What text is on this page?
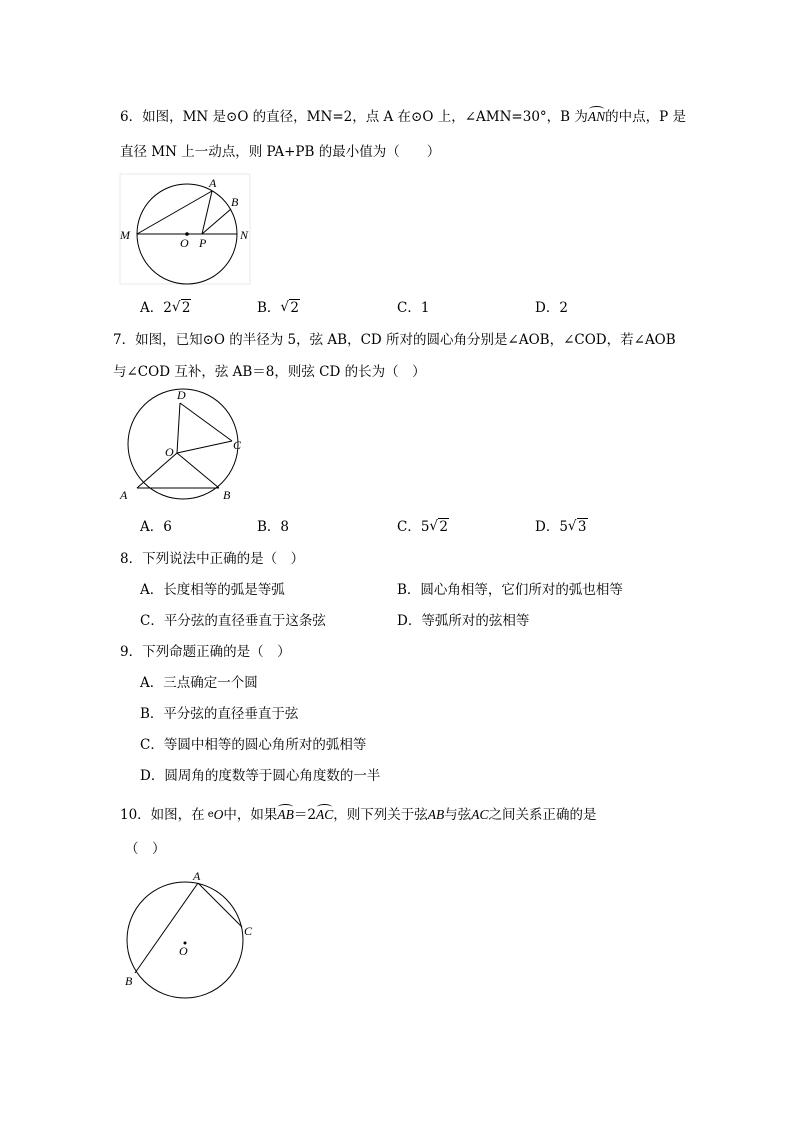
6．如图，MN 是⊙O 的直径，MN=2，点 A 在⊙O 上，∠AMN=30°，B 为AN的中点，P 是
直径 MN 上一动点，则 PA+PB 的最小值为（　　）
M
O P
N
A
B
A．2 √ 2	B． √ 2	C．1	D．2
7．如图，已知⊙O 的半径为 5，弦 AB，CD 所对的圆心角分别是∠AOB，∠COD，若∠AOB
与∠COD 互补，弦 AB＝8，则弦 CD 的长为（　）
D
C
O
A	B
A．6	B．8	C．5 √ 2	D．5 √ 3
8．下列说法中正确的是（　）
A．长度相等的弧是等弧	B．圆心角相等，它们所对的弧也相等
C．平分弦的直径垂直于这条弦	D．等弧所对的弦相等
9．下列命题正确的是（　）
A．三点确定一个圆
B．平分弦的直径垂直于弦
C．等圆中相等的圆心角所对的弧相等
D．圆周角的度数等于圆心角度数的一半
10．如图，在 eO中，如果AB＝2AC，则下列关于弦AB与弦AC之间关系正确的是
（　）
A
C
O
B
